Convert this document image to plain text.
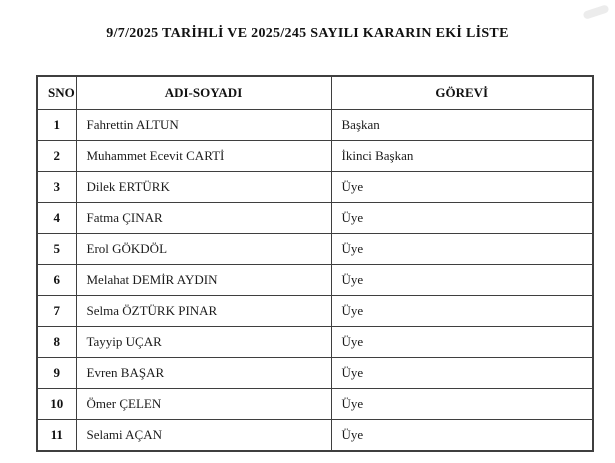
9/7/2025 TARİHLİ VE 2025/245 SAYILI KARARIN EKİ LİSTE
SNO	ADI-SOYADI	GÖREVİ
1	Fahrettin ALTUN	Başkan
2	Muhammet Ecevit CARTİ	İkinci Başkan
3	Dilek ERTÜRK	Üye
4	Fatma ÇINAR	Üye
5	Erol GÖKDÖL	Üye
6	Melahat DEMİR AYDIN	Üye
7	Selma ÖZTÜRK PINAR	Üye
8	Tayyip UÇAR	Üye
9	Evren BAŞAR	Üye
10	Ömer ÇELEN	Üye
11	Selami AÇAN	Üye
